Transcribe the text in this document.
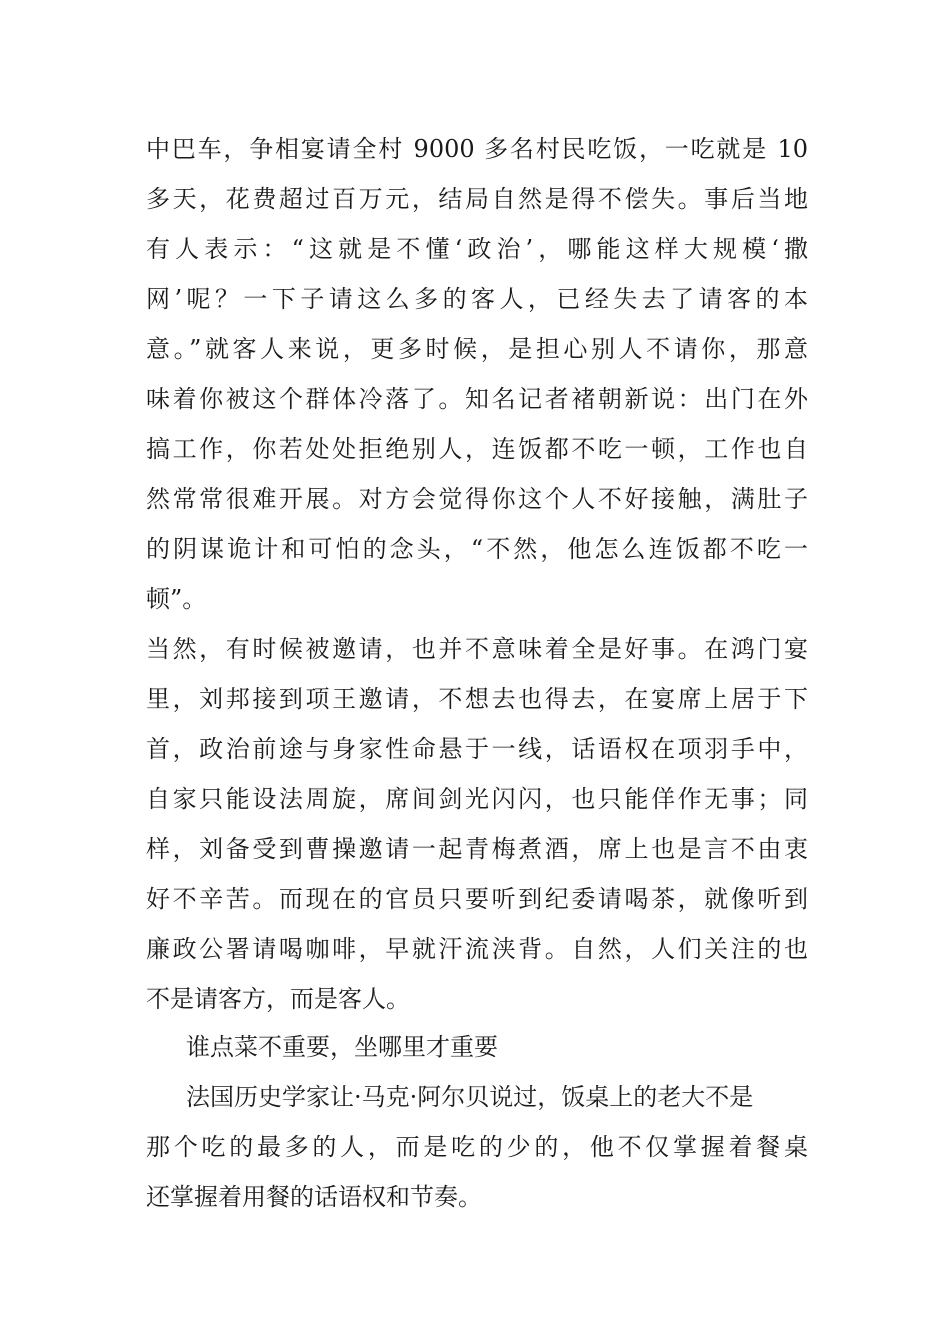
中巴车，争相宴请全村 9000 多名村民吃饭，一吃就是 10
多天，花费超过百万元，结局自然是得不偿失。事后当地
有人表示：“这就是不懂‘政治’，哪能这样大规模‘撒
网’呢？一下子请这么多的客人，已经失去了请客的本
意。”就客人来说，更多时候，是担心别人不请你，那意
味着你被这个群体冷落了。知名记者褚朝新说：出门在外
搞工作，你若处处拒绝别人，连饭都不吃一顿，工作也自
然常常很难开展。对方会觉得你这个人不好接触，满肚子
的阴谋诡计和可怕的念头，“不然，他怎么连饭都不吃一
顿”。
当然，有时候被邀请，也并不意味着全是好事。在鸿门宴
里，刘邦接到项王邀请，不想去也得去，在宴席上居于下
首，政治前途与身家性命悬于一线，话语权在项羽手中，
自家只能设法周旋，席间剑光闪闪，也只能佯作无事；同
样，刘备受到曹操邀请一起青梅煮酒，席上也是言不由衷
好不辛苦。而现在的官员只要听到纪委请喝茶，就像听到
廉政公署请喝咖啡，早就汗流浃背。自然，人们关注的也
不是请客方，而是客人。
谁点菜不重要，坐哪里才重要
法国历史学家让·马克·阿尔贝说过，饭桌上的老大不是
那个吃的最多的人，而是吃的少的，他不仅掌握着餐桌
还掌握着用餐的话语权和节奏。
